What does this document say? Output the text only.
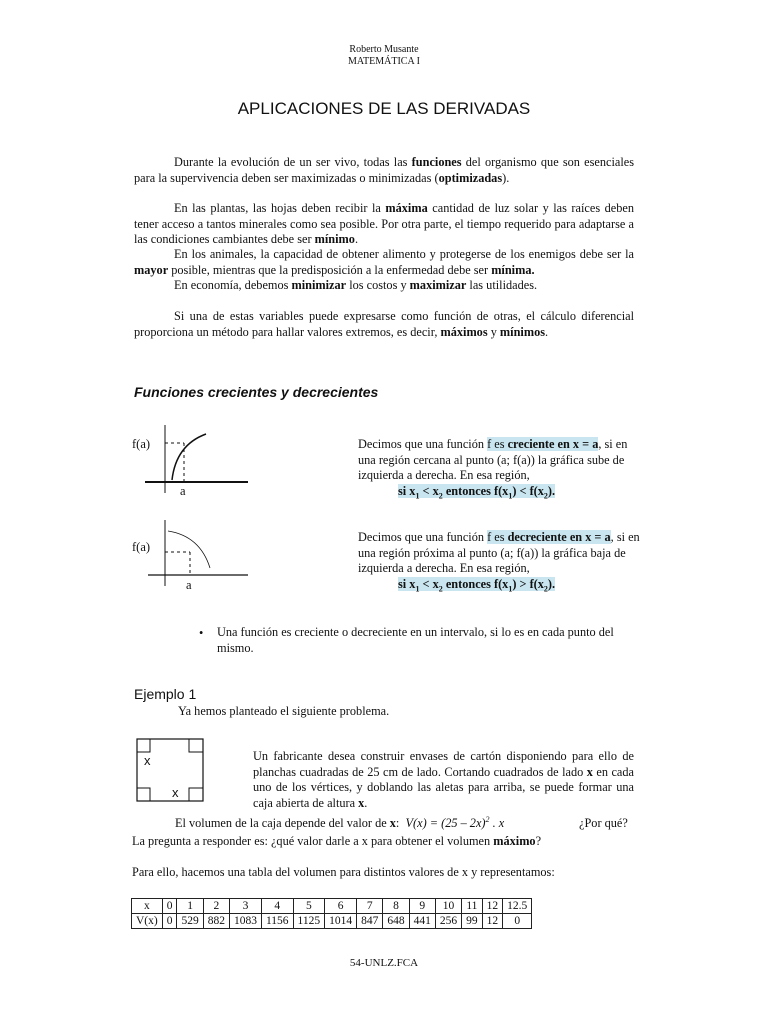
Roberto Musante
MATEMÁTICA I
APLICACIONES DE LAS DERIVADAS

Durante la evolución de un ser vivo, todas las funciones del organismo que son esenciales para la supervivencia deben ser maximizadas o minimizadas (optimizadas).

En las plantas, las hojas deben recibir la máxima cantidad de luz solar y las raíces deben tener acceso a tantos minerales como sea posible. Por otra parte, el tiempo requerido para adaptarse a las condiciones cambiantes debe ser mínimo.

En los animales, la capacidad de obtener alimento y protegerse de los enemigos debe ser la mayor posible, mientras que la predisposición a la enfermedad debe ser mínima.

En economía, debemos minimizar los costos y maximizar las utilidades.

Si una de estas variables puede expresarse como función de otras, el cálculo diferencial proporciona un método para hallar valores extremos, es decir, máximos y mínimos.

Funciones crecientes y decrecientes
f(a)
a
Decimos que una función f es creciente en x = a, si en una región cercana al punto (a; f(a)) la gráfica sube de izquierda a derecha. En esa región,
si $x_1 < x_2$ entonces $f(x_1) < f(x_2)$.
f(a)
a
Decimos que una función f es decreciente en x = a, si en una región próxima al punto (a; f(a)) la gráfica baja de izquierda a derecha. En esa región,
si $x_1 < x_2$ entonces $f(x_1) > f(x_2)$.
• Una función es creciente o decreciente en un intervalo, si lo es en cada punto del mismo.
Ejemplo 1
Ya hemos planteado el siguiente problema.
x
x
Un fabricante desea construir envases de cartón disponiendo para ello de planchas cuadradas de 25 cm de lado. Cortando cuadrados de lado x en cada uno de los vértices, y doblando las aletas para arriba, se puede formar una caja abierta de altura x.
El volumen de la caja depende del valor de x:  V(x) = (25 – 2x)$^2$ . x	¿Por qué?
La pregunta a responder es: ¿qué valor darle a x para obtener el volumen máximo?
Para ello, hacemos una tabla del volumen para distintos valores de x y representamos:
x	0	1	2	3	4	5	6	7	8	9	10	11	12	12.5
V(x)	0	529	882	1083	1156	1125	1014	847	648	441	256	99	12	0
54-UNLZ.FCA
